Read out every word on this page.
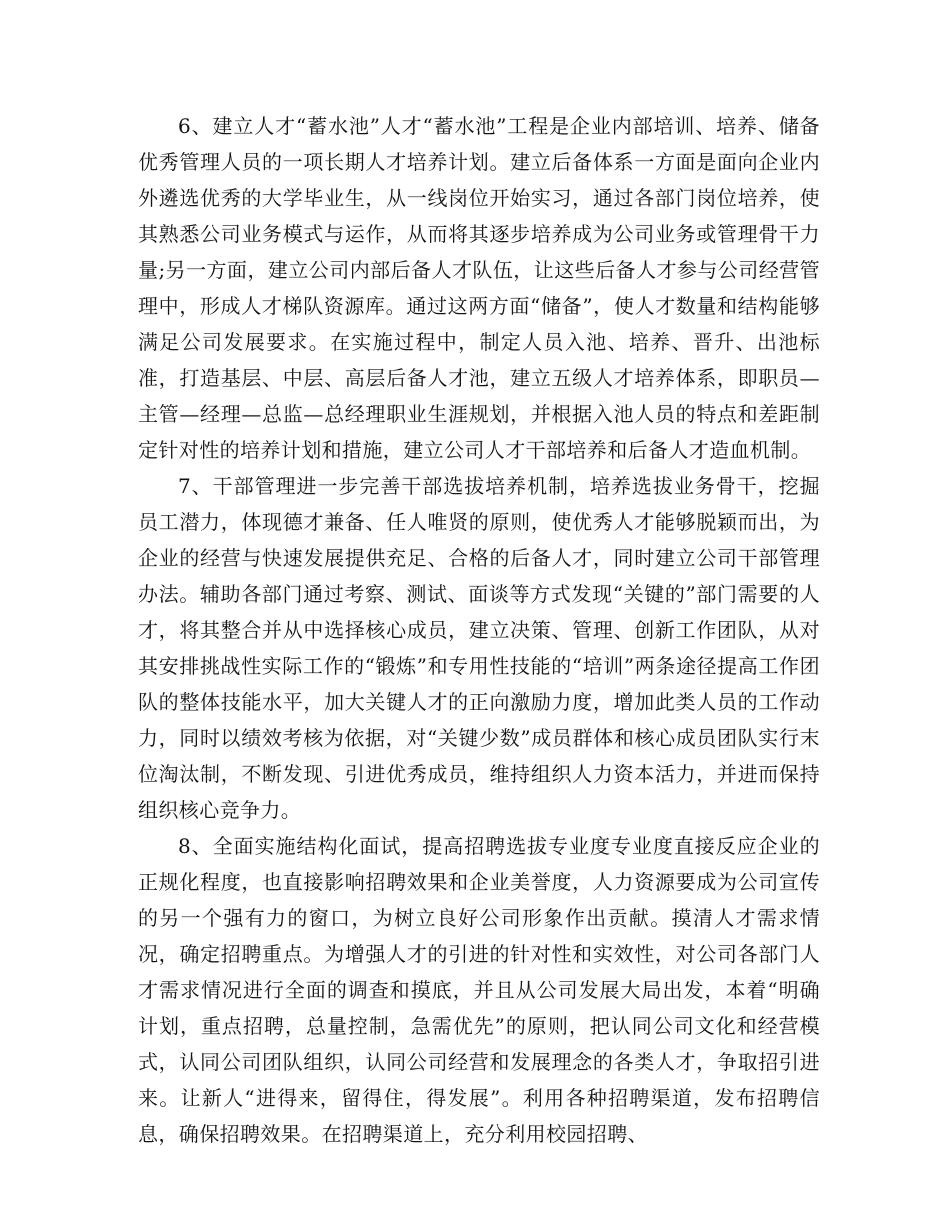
6、建立人才“蓄水池”人才“蓄水池”工程是企业内部培训、培养、储备优秀管理人员的一项长期人才培养计划。建立后备体系一方面是面向企业内外遴选优秀的大学毕业生，从一线岗位开始实习，通过各部门岗位培养，使其熟悉公司业务模式与运作，从而将其逐步培养成为公司业务或管理骨干力量;另一方面，建立公司内部后备人才队伍，让这些后备人才参与公司经营管理中，形成人才梯队资源库。通过这两方面“储备”，使人才数量和结构能够满足公司发展要求。在实施过程中，制定人员入池、培养、晋升、出池标准，打造基层、中层、高层后备人才池，建立五级人才培养体系，即职员—主管—经理—总监—总经理职业生涯规划，并根据入池人员的特点和差距制定针对性的培养计划和措施，建立公司人才干部培养和后备人才造血机制。

7、干部管理进一步完善干部选拔培养机制，培养选拔业务骨干，挖掘员工潜力，体现德才兼备、任人唯贤的原则，使优秀人才能够脱颖而出，为企业的经营与快速发展提供充足、合格的后备人才，同时建立公司干部管理办法。辅助各部门通过考察、测试、面谈等方式发现“关键的”部门需要的人才，将其整合并从中选择核心成员，建立决策、管理、创新工作团队，从对其安排挑战性实际工作的“锻炼”和专用性技能的“培训”两条途径提高工作团队的整体技能水平，加大关键人才的正向激励力度，增加此类人员的工作动力，同时以绩效考核为依据，对“关键少数”成员群体和核心成员团队实行末位淘汰制，不断发现、引进优秀成员，维持组织人力资本活力，并进而保持组织核心竞争力。

8、全面实施结构化面试，提高招聘选拔专业度专业度直接反应企业的正规化程度，也直接影响招聘效果和企业美誉度，人力资源要成为公司宣传的另一个强有力的窗口，为树立良好公司形象作出贡献。摸清人才需求情况，确定招聘重点。为增强人才的引进的针对性和实效性，对公司各部门人才需求情况进行全面的调查和摸底，并且从公司发展大局出发，本着“明确计划，重点招聘，总量控制，急需优先”的原则，把认同公司文化和经营模式，认同公司团队组织，认同公司经营和发展理念的各类人才，争取招引进来。让新人“进得来，留得住，得发展”。利用各种招聘渠道，发布招聘信息，确保招聘效果。在招聘渠道上，充分利用校园招聘、
